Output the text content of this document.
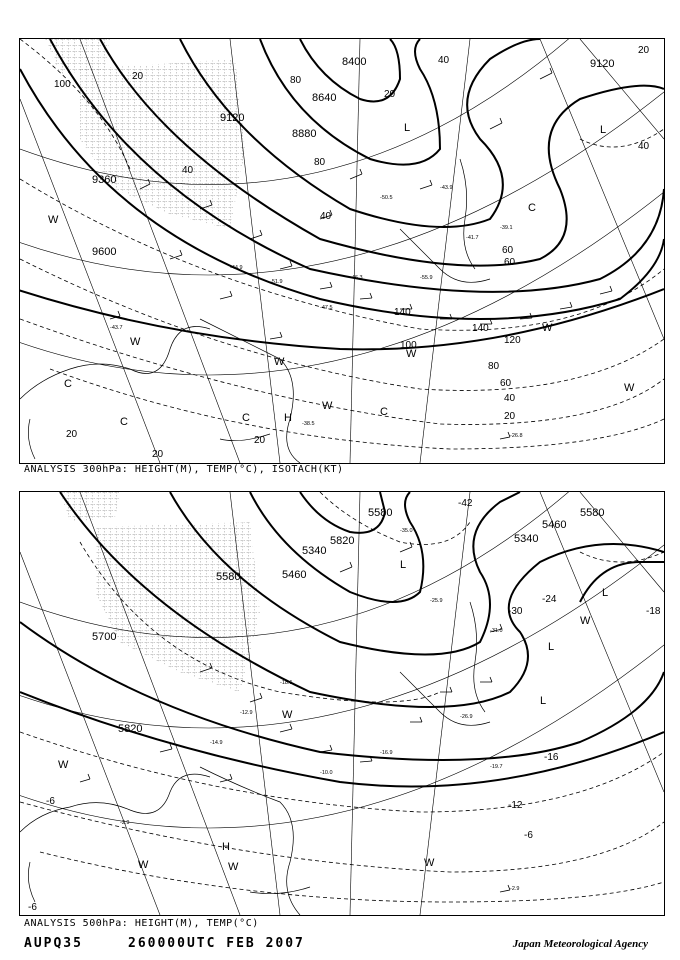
9120
8880
8640
8400
9360
9600
9120
140
120
100
80
60
40
20
100	80
60
40
20
40
80
60
140
20
20
20
20
40
40
20
C
C	C	C
H
W
W
W
W
W
W
W
L	L
C
-41.7
-39.1
-43.9
-50.5
-46.3
-26.8
-38.5
-51.9
-44.9
-47.5
-55.9
-43.7
ANALYSIS 300hPa: HEIGHT(M), TEMP(°C), ISOTACH(KT)
5580
5340
5460
5700
5820
5820
5580
5460
5580
5340
-42
-30
-24
-18
-16
-12
-6
-6
-6
L
L
L
L
W
W	W	W
H
W
W
-2.9
-26.9
-19.7
-31.0
-25.9
-35.0
-18.1
-12.9
-14.9
-10.0
-2.9
-16.9
ANALYSIS 500hPa: HEIGHT(M), TEMP(°C)
AUPQ35	260000UTC FEB 2007	Japan Meteorological Agency
